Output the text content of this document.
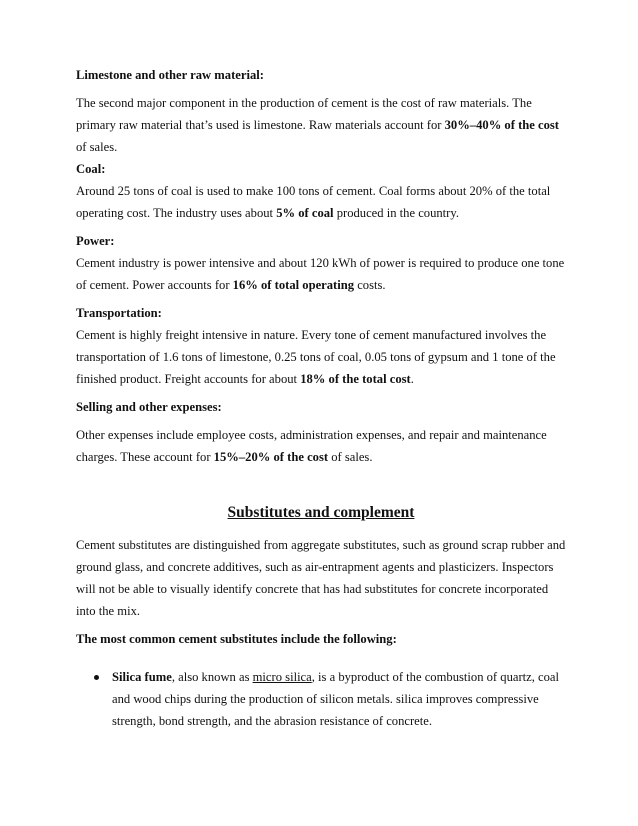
Limestone and other raw material:

The second major component in the production of cement is the cost of raw materials. The primary raw material that’s used is limestone. Raw materials account for 30%–40% of the cost of sales.

Coal:

Around 25 tons of coal is used to make 100 tons of cement. Coal forms about 20% of the total operating cost. The industry uses about 5% of coal produced in the country.

Power:

Cement industry is power intensive and about 120 kWh of power is required to produce one tone of cement. Power accounts for 16% of total operating costs.

Transportation:

Cement is highly freight intensive in nature. Every tone of cement manufactured involves the transportation of 1.6 tons of limestone, 0.25 tons of coal, 0.05 tons of gypsum and 1 tone of the finished product. Freight accounts for about 18% of the total cost.

Selling and other expenses:

Other expenses include employee costs, administration expenses, and repair and maintenance charges. These account for 15%–20% of the cost of sales.

Substitutes and complement

Cement substitutes are distinguished from aggregate substitutes, such as ground scrap rubber and ground glass, and concrete additives, such as air-entrapment agents and plasticizers. Inspectors will not be able to visually identify concrete that has had substitutes for concrete incorporated into the mix.

The most common cement substitutes include the following:

Silica fume, also known as micro silica, is a byproduct of the combustion of quartz, coal and wood chips during the production of silicon metals. silica improves compressive strength, bond strength, and the abrasion resistance of concrete.
